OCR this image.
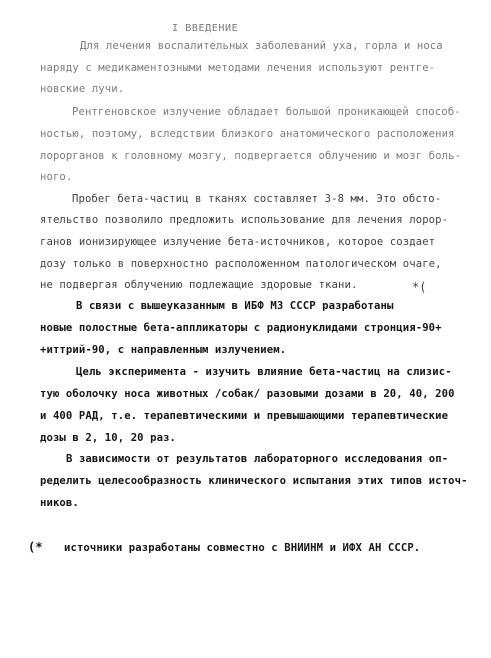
I ВВЕДЕНИЕ
Для лечения воспалительных заболеваний уха, горла и носа
наряду с медикаментозными методами лечения используют рентге-
новские лучи.
Рентгеновское излучение обладает большой проникающей способ-
ностью, поэтому, вследствии близкого анатомического расположения
лорорганов к головному мозгу, подвергается облучению и мозг боль-
ного.
Пробег бета-частиц в тканях составляет 3-8 мм. Это обсто-
ятельство позволило предложить использование для лечения лорор-
ганов ионизирующее излучение бета-источников, которое создает
дозу только в поверхностно расположенном патологическом очаге,
не подвергая облучению подлежащие здоровые ткани.	*(
В связи с вышеуказанным в ИБФ МЗ СССР разработаны
новые полостные бета-аппликаторы с радионуклидами стронция-90+
+иттрий-90, с направленным излучением.
Цель эксперимента - изучить влияние бета-частиц на слизис-
тую оболочку носа животных /собак/ разовыми дозами в 20, 40, 200
и 400 РАД, т.е. терапевтическими и превышающими терапевтические
дозы в 2, 10, 20 раз.
В зависимости от результатов лабораторного исследования оп-
ределить целесообразность клинического испытания этих типов источ-
ников.
(* источники разработаны совместно с ВНИИНМ и ИФХ АН СССР.
